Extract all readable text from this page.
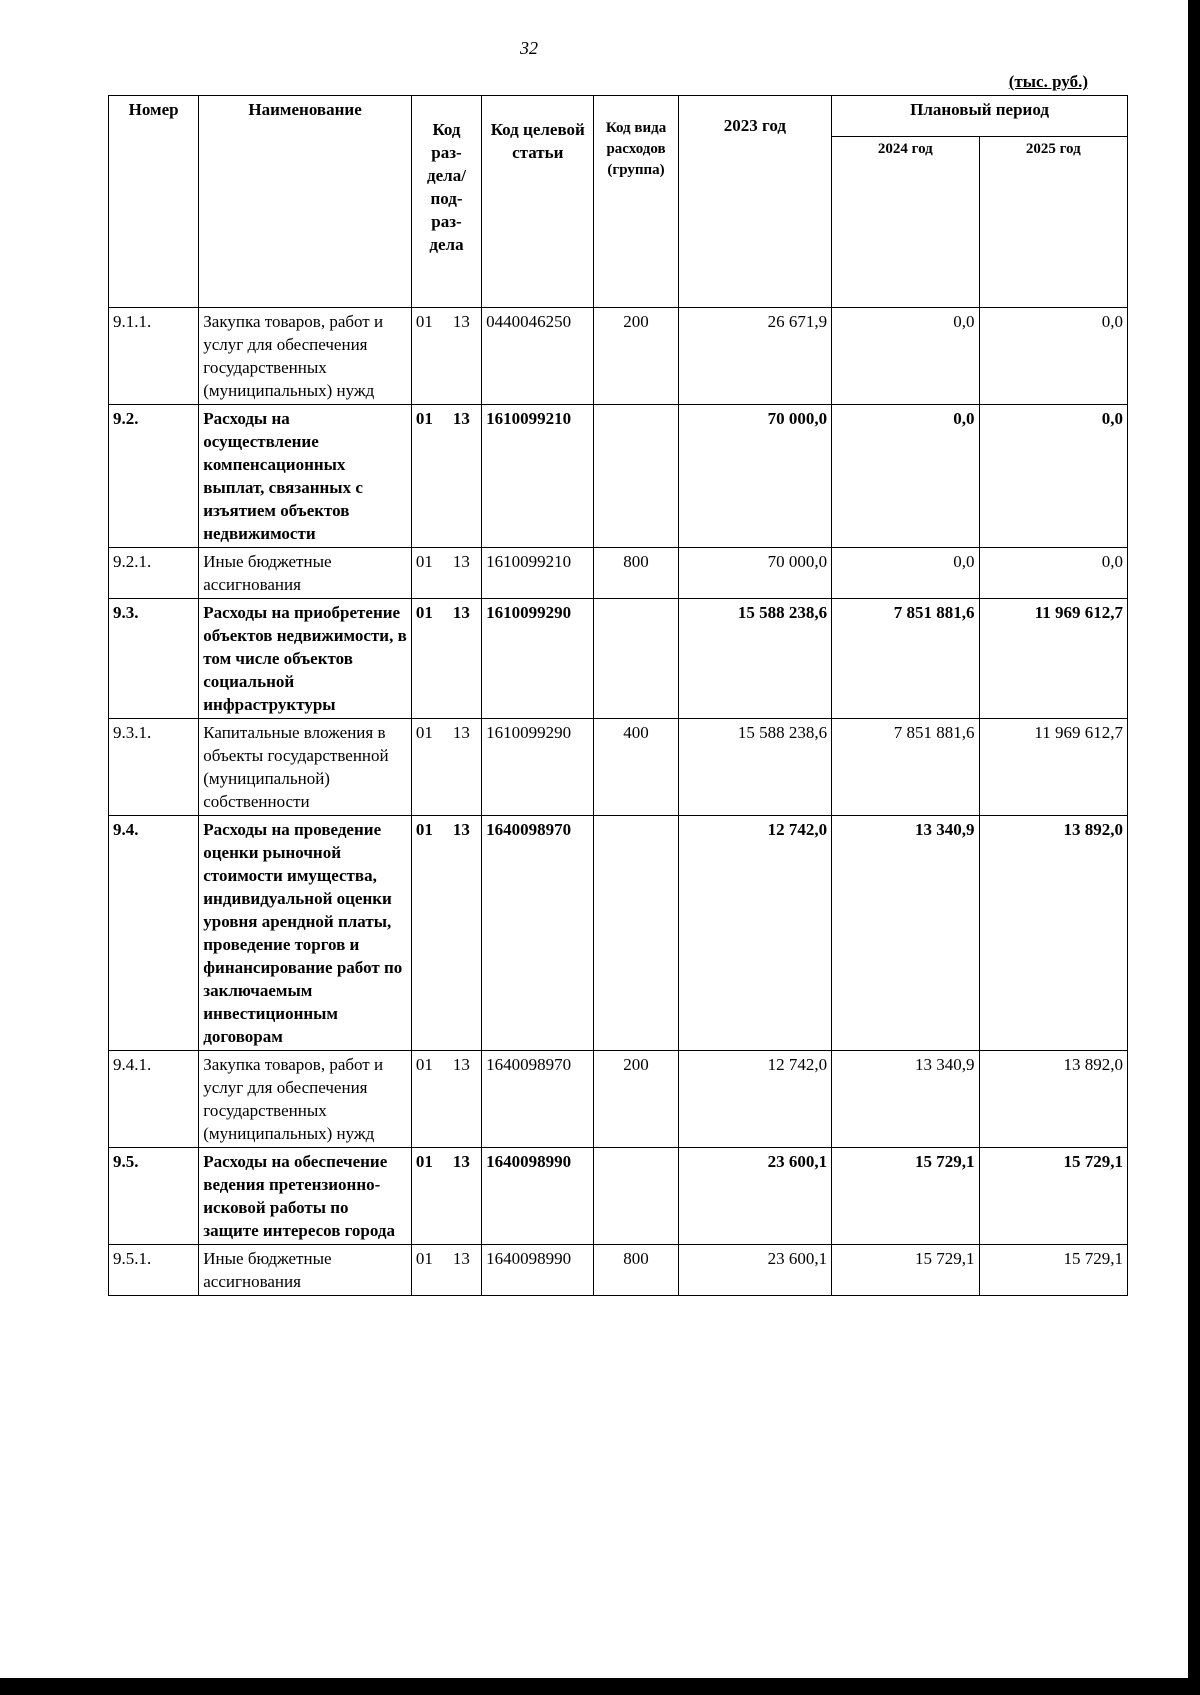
32
(тыс. руб.)
Номер	Наименование	Код раз- дела/ под- раз- дела	Код целевой статьи	Код вида расходов (группа)	2023 год	Плановый период	
						2024 год	2025 год
9.1.1.	Закупка товаров, работ и услуг для обеспечения государственных (муниципальных) нужд	01 13	0440046250	200	26 671,9	0,0	0,0
9.2.	Расходы на осуществление компенсационных выплат, связанных с изъятием объектов недвижимости	01 13	1610099210		70 000,0	0,0	0,0
9.2.1.	Иные бюджетные ассигнования	01 13	1610099210	800	70 000,0	0,0	0,0
9.3.	Расходы на приобретение объектов недвижимости, в том числе объектов социальной инфраструктуры	01 13	1610099290		15 588 238,6	7 851 881,6	11 969 612,7
9.3.1.	Капитальные вложения в объекты государственной (муниципальной) собственности	01 13	1610099290	400	15 588 238,6	7 851 881,6	11 969 612,7
9.4.	Расходы на проведение оценки рыночной стоимости имущества, индивидуальной оценки уровня арендной платы, проведение торгов и финансирование работ по заключаемым инвестиционным договорам	01 13	1640098970		12 742,0	13 340,9	13 892,0
9.4.1.	Закупка товаров, работ и услуг для обеспечения государственных (муниципальных) нужд	01 13	1640098970	200	12 742,0	13 340,9	13 892,0
9.5.	Расходы на обеспечение ведения претензионно-исковой работы по защите интересов города	01 13	1640098990		23 600,1	15 729,1	15 729,1
9.5.1.	Иные бюджетные ассигнования	01 13	1640098990	800	23 600,1	15 729,1	15 729,1
